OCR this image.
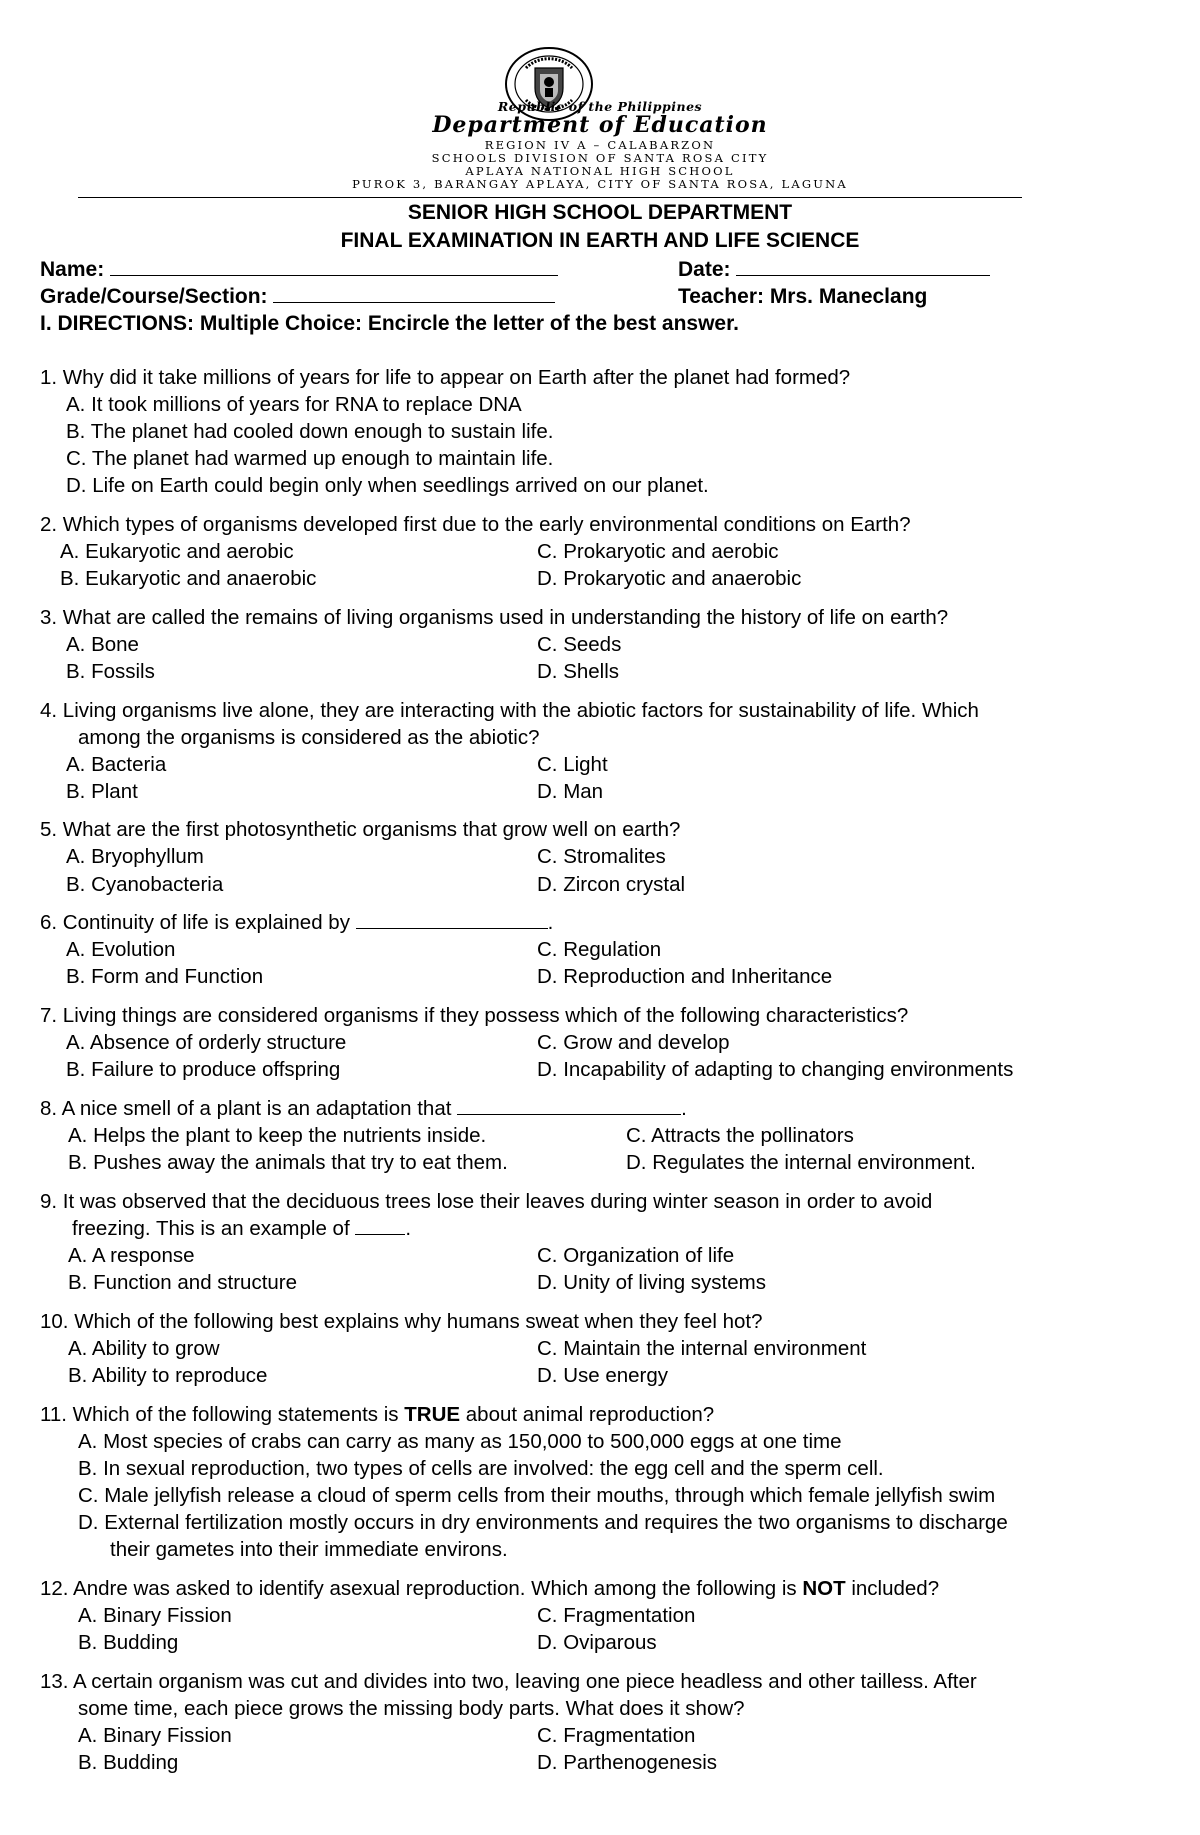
Republic of the Philippines
Department of Education
REGION IV A – CALABARZON
SCHOOLS DIVISION OF SANTA ROSA CITY
APLAYA NATIONAL HIGH SCHOOL
PUROK 3, BARANGAY APLAYA, CITY OF SANTA ROSA, LAGUNA
SENIOR HIGH SCHOOL DEPARTMENT
FINAL EXAMINATION IN EARTH AND LIFE SCIENCE
Name:	Date:
Grade/Course/Section:	Teacher: Mrs. Maneclang
I. DIRECTIONS: Multiple Choice: Encircle the letter of the best answer.
1. Why did it take millions of years for life to appear on Earth after the planet had formed?
A. It took millions of years for RNA to replace DNA
B. The planet had cooled down enough to sustain life.
C. The planet had warmed up enough to maintain life.
D. Life on Earth could begin only when seedlings arrived on our planet.
2. Which types of organisms developed first due to the early environmental conditions on Earth?
A. Eukaryotic and aerobic	C. Prokaryotic and aerobic
B. Eukaryotic and anaerobic	D. Prokaryotic and anaerobic
3. What are called the remains of living organisms used in understanding the history of life on earth?
A. Bone	C. Seeds
B. Fossils	D. Shells
4. Living organisms live alone, they are interacting with the abiotic factors for sustainability of life. Which
among the organisms is considered as the abiotic?
A. Bacteria	C. Light
B. Plant	D. Man
5. What are the first photosynthetic organisms that grow well on earth?
A. Bryophyllum	C. Stromalites
B. Cyanobacteria	D. Zircon crystal
6. Continuity of life is explained by	.
A. Evolution	C. Regulation
B. Form and Function	D. Reproduction and Inheritance
7. Living things are considered organisms if they possess which of the following characteristics?
A. Absence of orderly structure	C. Grow and develop
B. Failure to produce offspring	D. Incapability of adapting to changing environments
8. A nice smell of a plant is an adaptation that	.
A. Helps the plant to keep the nutrients inside.	C. Attracts the pollinators
B. Pushes away the animals that try to eat them.	D. Regulates the internal environment.
9. It was observed that the deciduous trees lose their leaves during winter season in order to avoid
freezing. This is an example of	.
A. A response	C. Organization of life
B. Function and structure	D. Unity of living systems
10. Which of the following best explains why humans sweat when they feel hot?
A. Ability to grow	C. Maintain the internal environment
B. Ability to reproduce	D. Use energy
11. Which of the following statements is TRUE about animal reproduction?
A. Most species of crabs can carry as many as 150,000 to 500,000 eggs at one time
B. In sexual reproduction, two types of cells are involved: the egg cell and the sperm cell.
C. Male jellyfish release a cloud of sperm cells from their mouths, through which female jellyfish swim
D. External fertilization mostly occurs in dry environments and requires the two organisms to discharge
their gametes into their immediate environs.
12. Andre was asked to identify asexual reproduction. Which among the following is NOT included?
A. Binary Fission	C. Fragmentation
B. Budding	D. Oviparous
13. A certain organism was cut and divides into two, leaving one piece headless and other tailless. After
some time, each piece grows the missing body parts. What does it show?
A. Binary Fission	C. Fragmentation
B. Budding	D. Parthenogenesis
